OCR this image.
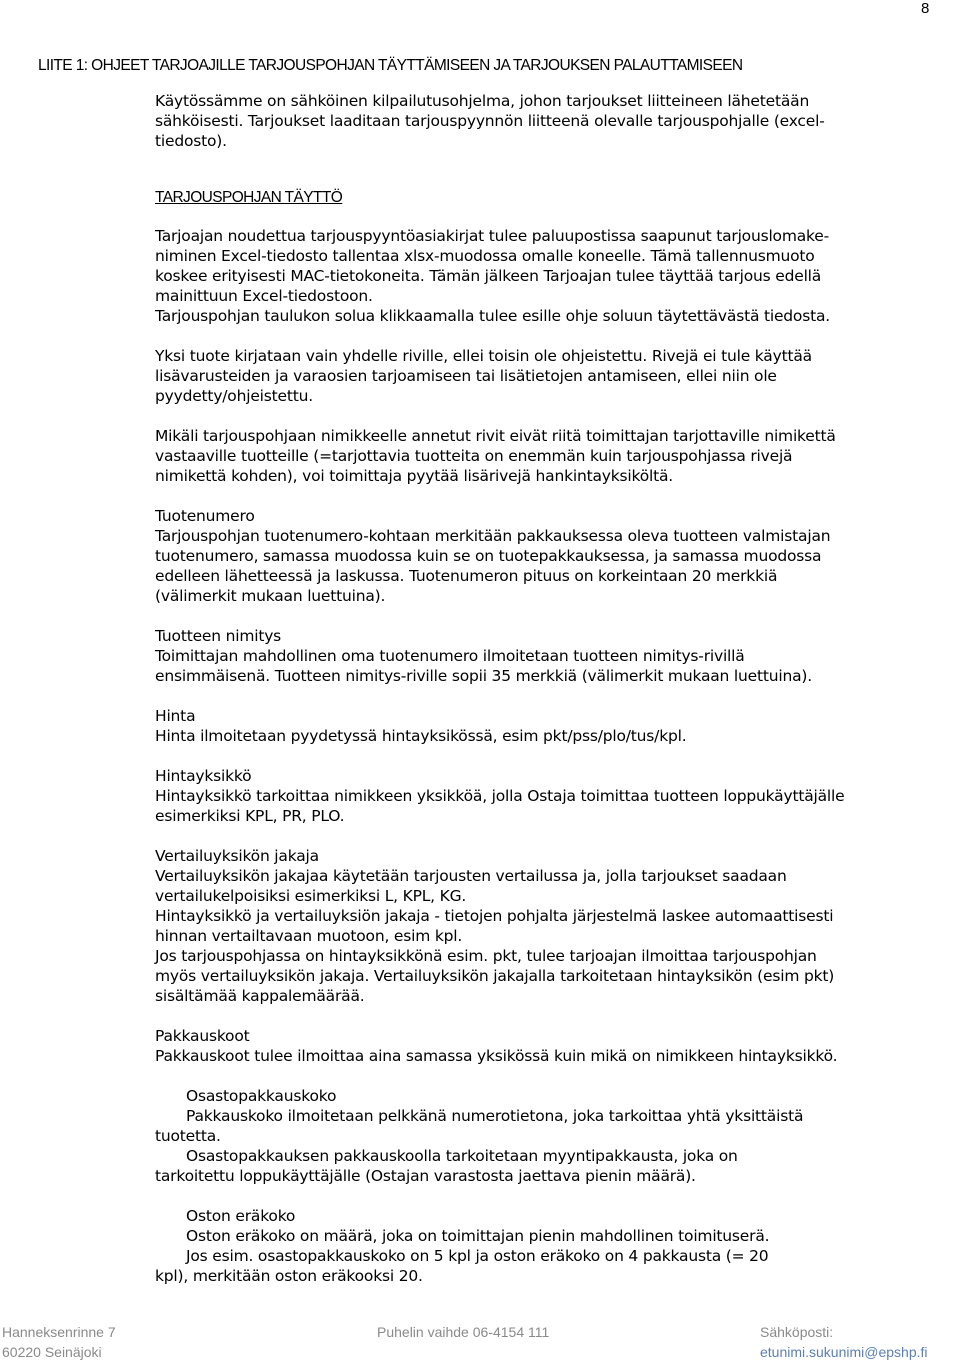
8
LIITE 1: OHJEET TARJOAJILLE TARJOUSPOHJAN TÄYTTÄMISEEN JA TARJOUKSEN PALAUTTAMISEEN

Käytössämme on sähköinen kilpailutusohjelma, johon tarjoukset liitteineen lähetetään
sähköisesti. Tarjoukset laaditaan tarjouspyynnön liitteenä olevalle tarjouspohjalle (excel-
tiedosto).

TARJOUSPOHJAN TÄYTTÖ

Tarjoajan noudettua tarjouspyyntöasiakirjat tulee paluupostissa saapunut tarjouslomake-
niminen Excel-tiedosto tallentaa xlsx-muodossa omalle koneelle. Tämä tallennusmuoto
koskee erityisesti MAC-tietokoneita. Tämän jälkeen Tarjoajan tulee täyttää tarjous edellä
mainittuun Excel-tiedostoon.
Tarjouspohjan taulukon solua klikkaamalla tulee esille ohje soluun täytettävästä tiedosta.

Yksi tuote kirjataan vain yhdelle riville, ellei toisin ole ohjeistettu. Rivejä ei tule käyttää
lisävarusteiden ja varaosien tarjoamiseen tai lisätietojen antamiseen, ellei niin ole
pyydetty/ohjeistettu.

Mikäli tarjouspohjaan nimikkeelle annetut rivit eivät riitä toimittajan tarjottaville nimikettä
vastaaville tuotteille (=tarjottavia tuotteita on enemmän kuin tarjouspohjassa rivejä
nimikettä kohden), voi toimittaja pyytää lisärivejä hankintayksiköltä.

Tuotenumero

Tarjouspohjan tuotenumero-kohtaan merkitään pakkauksessa oleva tuotteen valmistajan
tuotenumero, samassa muodossa kuin se on tuotepakkauksessa, ja samassa muodossa
edelleen lähetteessä ja laskussa. Tuotenumeron pituus on korkeintaan 20 merkkiä
(välimerkit mukaan luettuina).

Tuotteen nimitys

Toimittajan mahdollinen oma tuotenumero ilmoitetaan tuotteen nimitys-rivillä
ensimmäisenä. Tuotteen nimitys-riville sopii 35 merkkiä (välimerkit mukaan luettuina).

Hinta

Hinta ilmoitetaan pyydetyssä hintayksikössä, esim pkt/pss/plo/tus/kpl.

Hintayksikkö

Hintayksikkö tarkoittaa nimikkeen yksikköä, jolla Ostaja toimittaa tuotteen loppukäyttäjälle
esimerkiksi KPL, PR, PLO.

Vertailuyksikön jakaja

Vertailuyksikön jakajaa käytetään tarjousten vertailussa ja, jolla tarjoukset saadaan
vertailukelpoisiksi esimerkiksi L, KPL, KG.
Hintayksikkö ja vertailuyksiön jakaja - tietojen pohjalta järjestelmä laskee automaattisesti
hinnan vertailtavaan muotoon, esim kpl.
Jos tarjouspohjassa on hintayksikkönä esim. pkt, tulee tarjoajan ilmoittaa tarjouspohjan
myös vertailuyksikön jakaja. Vertailuyksikön jakajalla tarkoitetaan hintayksikön (esim pkt)
sisältämää kappalemäärää.

Pakkauskoot

Pakkauskoot tulee ilmoittaa aina samassa yksikössä kuin mikä on nimikkeen hintayksikkö.

Osastopakkauskoko

Pakkauskoko ilmoitetaan pelkkänä numerotietona, joka tarkoittaa yhtä yksittäistä
tuotetta.

Osastopakkauksen pakkauskoolla tarkoitetaan myyntipakkausta, joka on
tarkoitettu loppukäyttäjälle (Ostajan varastosta jaettava pienin määrä).

Oston eräkoko

Oston eräkoko on määrä, joka on toimittajan pienin mahdollinen toimituserä.

Jos esim. osastopakkauskoko on 5 kpl ja oston eräkoko on 4 pakkausta (= 20
kpl), merkitään oston eräkooksi 20.

Hanneksenrinne 7
60220 Seinäjoki
Puhelin vaihde 06-4154 111	Sähköposti:
etunimi.sukunimi@epshp.fi
